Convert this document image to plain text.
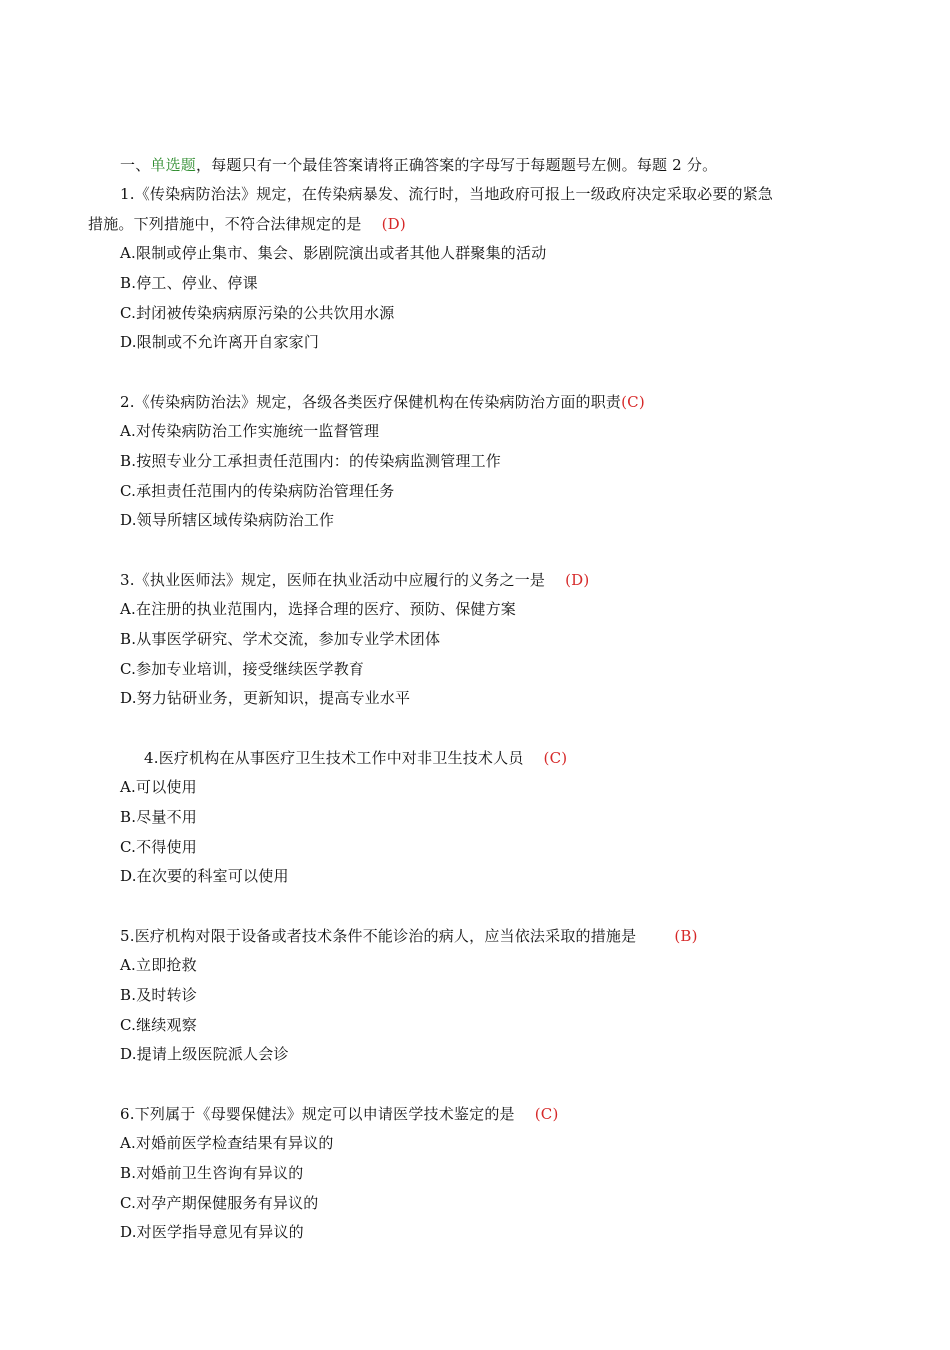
一、单选题，每题只有一个最佳答案请将正确答案的字母写于每题题号左侧。每题 2 分。
1.《传染病防治法》规定，在传染病暴发、流行时，当地政府可报上一级政府决定采取必要的紧急
措施。下列措施中，不符合法律规定的是 (D)
A.限制或停止集市、集会、影剧院演出或者其他人群聚集的活动
B.停工、停业、停课
C.封闭被传染病病原污染的公共饮用水源
D.限制或不允许离开自家家门
2.《传染病防治法》规定，各级各类医疗保健机构在传染病防治方面的职责(C)
A.对传染病防治工作实施统一监督管理
B.按照专业分工承担责任范围内：的传染病监测管理工作
C.承担责任范围内的传染病防治管理任务
D.领导所辖区域传染病防治工作
3.《执业医师法》规定，医师在执业活动中应履行的义务之一是 (D)
A.在注册的执业范围内，选择合理的医疗、预防、保健方案
B.从事医学研究、学术交流，参加专业学术团体
C.参加专业培训，接受继续医学教育
D.努力钻研业务，更新知识，提高专业水平
4.医疗机构在从事医疗卫生技术工作中对非卫生技术人员 (C)
A.可以使用
B.尽量不用
C.不得使用
D.在次要的科室可以使用
5.医疗机构对限于设备或者技术条件不能诊治的病人，应当依法采取的措施是	(B)
A.立即抢救
B.及时转诊
C.继续观察
D.提请上级医院派人会诊
6.下列属于《母婴保健法》规定可以申请医学技术鉴定的是 (C)
A.对婚前医学检查结果有异议的
B.对婚前卫生咨询有异议的
C.对孕产期保健服务有异议的
D.对医学指导意见有异议的
